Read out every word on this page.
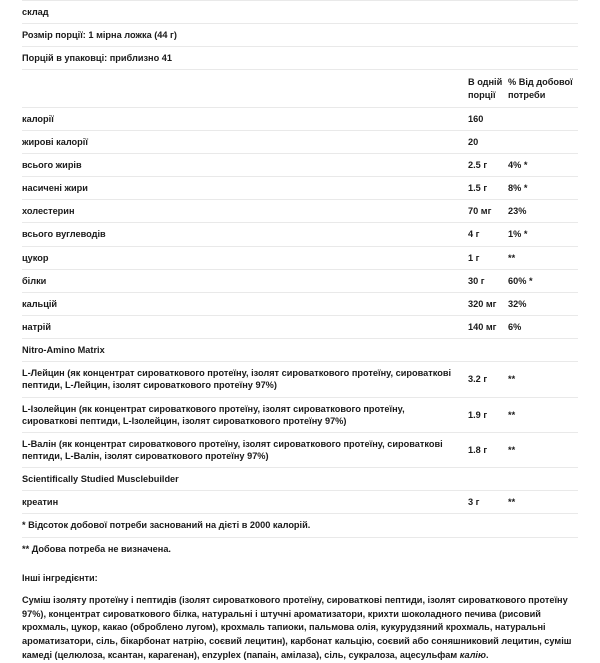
склад		
Розмір порції: 1 мірна ложка (44 г)		
Порцій в упаковці: приблизно 41		
	В одній порції	% Від добової потреби
калорії	160	
жирові калорії	20	
всього жирів	2.5 г	4% *
насичені жири	1.5 г	8% *
холестерин	70 мг	23%
всього вуглеводів	4 г	1% *
цукор	1 г	**
білки	30 г	60% *
кальцій	320 мг	32%
натрій	140 мг	6%
Nitro-Amino Matrix		
L-Лейцин (як концентрат сироваткового протеїну, ізолят сироваткового протеїну, сироваткові пептиди, L-Лейцин, ізолят сироваткового протеїну 97%)	3.2 г	**
L-Ізолейцин (як концентрат сироваткового протеїну, ізолят сироваткового протеїну, сироваткові пептиди, L-Ізолейцин, ізолят сироваткового протеїну 97%)	1.9 г	**
L-Валін (як концентрат сироваткового протеїну, ізолят сироваткового протеїну, сироваткові пептиди, L-Валін, ізолят сироваткового протеїну 97%)	1.8 г	**
Scientifically Studied Musclebuilder		
креатин	3 г	**
* Відсоток добової потреби заснований на дієті в 2000 калорій.		
** Добова потреба не визначена.		
Інші інгредієнти:

Суміш ізоляту протеїну і пептидів (ізолят сироваткового протеїну, сироваткові пептиди, ізолят сироваткового протеїну 97%), концентрат сироваткового білка, натуральні і штучні ароматизатори, крихти шоколадного печива (рисовий крохмаль, цукор, какао (оброблено лугом), крохмаль тапиоки, пальмова олія, кукурудзяний крохмаль, натуральні ароматизатори, сіль, бікарбонат натрію, соєвий лецитин), карбонат кальцію, соєвий або соняшниковий лецитин, суміш камеді (целюлоза, ксантан, карагенан), enzyplex (папаін, амілаза), сіль, сукралоза, ацесульфам калію.
